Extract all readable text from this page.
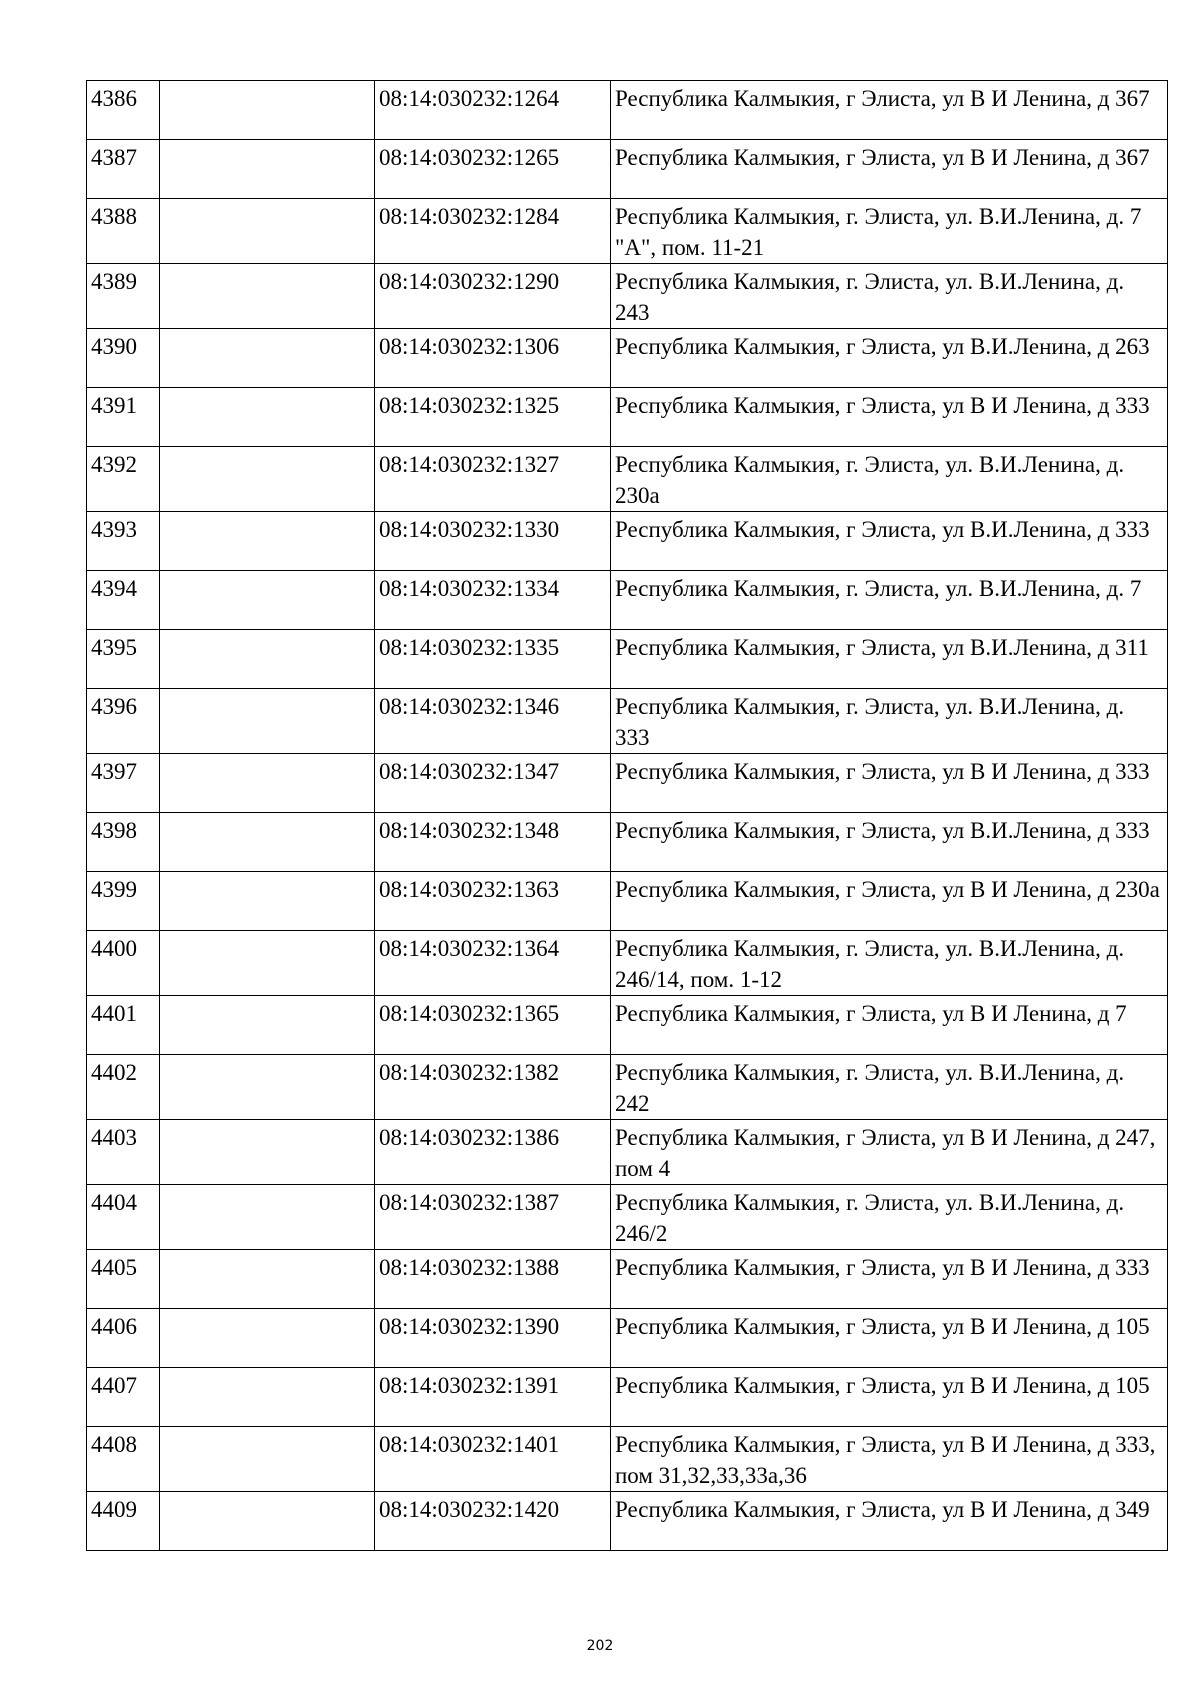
4386		08:14:030232:1264	Республика Калмыкия, г Элиста, ул В И Ленина, д 367
4387		08:14:030232:1265	Республика Калмыкия, г Элиста, ул В И Ленина, д 367
4388		08:14:030232:1284	Республика Калмыкия, г. Элиста, ул. В.И.Ленина, д. 7 "А", пом. 11-21
4389		08:14:030232:1290	Республика Калмыкия, г. Элиста, ул. В.И.Ленина, д. 243
4390		08:14:030232:1306	Республика Калмыкия, г Элиста, ул В.И.Ленина, д 263
4391		08:14:030232:1325	Республика Калмыкия, г Элиста, ул В И Ленина, д 333
4392		08:14:030232:1327	Республика Калмыкия, г. Элиста, ул. В.И.Ленина, д. 230а
4393		08:14:030232:1330	Республика Калмыкия, г Элиста, ул В.И.Ленина, д 333
4394		08:14:030232:1334	Республика Калмыкия, г. Элиста, ул. В.И.Ленина, д. 7
4395		08:14:030232:1335	Республика Калмыкия, г Элиста, ул В.И.Ленина, д 311
4396		08:14:030232:1346	Республика Калмыкия, г. Элиста, ул. В.И.Ленина, д. 333
4397		08:14:030232:1347	Республика Калмыкия, г Элиста, ул В И Ленина, д 333
4398		08:14:030232:1348	Республика Калмыкия, г Элиста, ул В.И.Ленина, д 333
4399		08:14:030232:1363	Республика Калмыкия, г Элиста, ул В И Ленина, д 230а
4400		08:14:030232:1364	Республика Калмыкия, г. Элиста, ул. В.И.Ленина, д. 246/14, пом. 1-12
4401		08:14:030232:1365	Республика Калмыкия, г Элиста, ул В И Ленина, д 7
4402		08:14:030232:1382	Республика Калмыкия, г. Элиста, ул. В.И.Ленина, д. 242
4403		08:14:030232:1386	Республика Калмыкия, г Элиста, ул В И Ленина, д 247, пом 4
4404		08:14:030232:1387	Республика Калмыкия, г. Элиста, ул. В.И.Ленина, д. 246/2
4405		08:14:030232:1388	Республика Калмыкия, г Элиста, ул В И Ленина, д 333
4406		08:14:030232:1390	Республика Калмыкия, г Элиста, ул В И Ленина, д 105
4407		08:14:030232:1391	Республика Калмыкия, г Элиста, ул В И Ленина, д 105
4408		08:14:030232:1401	Республика Калмыкия, г Элиста, ул В И Ленина, д 333, пом 31,32,33,33а,36
4409		08:14:030232:1420	Республика Калмыкия, г Элиста, ул В И Ленина, д 349
202
